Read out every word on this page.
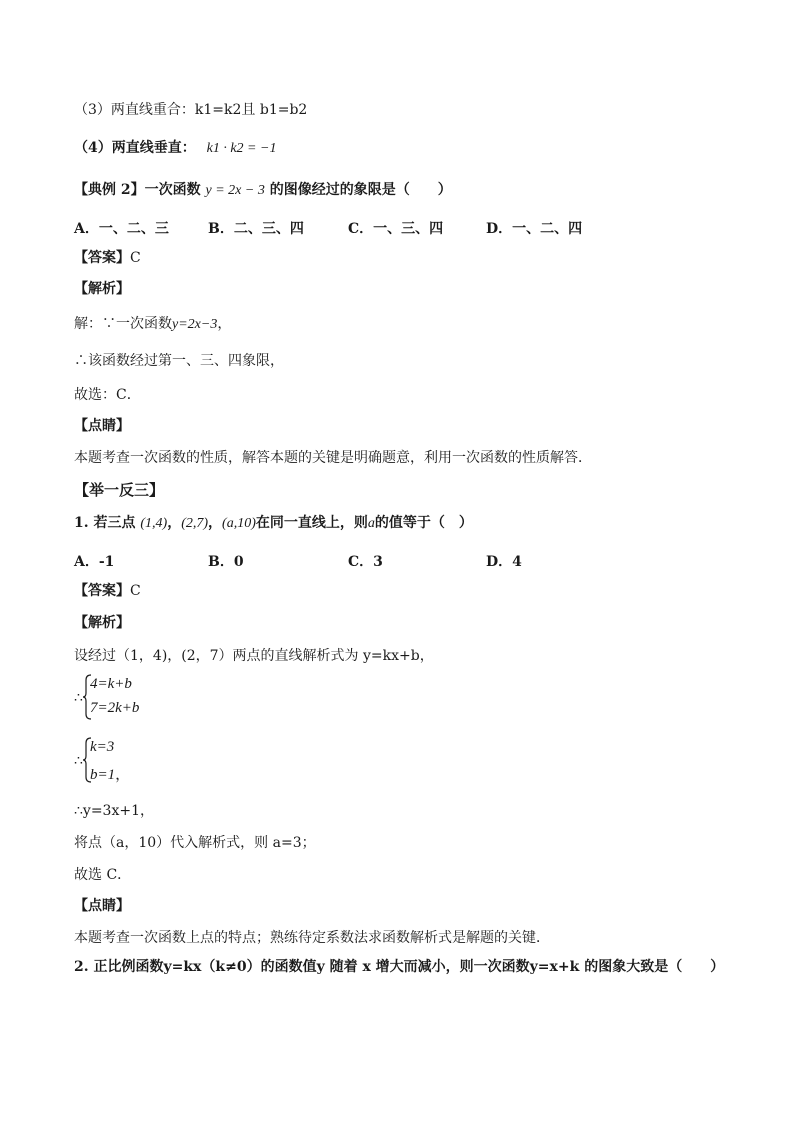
（3）两直线重合：k1=k2且 b1=b2
（4）两直线垂直： k1 · k2 = −1
【典例 2】一次函数 y = 2x − 3 的图像经过的象限是（　　）
A．一、二、三	B．二、三、四	C．一、三、四	D．一、二、四
【答案】C
【解析】
解：∵一次函数y=2x−3，
∴该函数经过第一、三、四象限，
故选：C．
【点睛】
本题考查一次函数的性质，解答本题的关键是明确题意，利用一次函数的性质解答．
【举一反三】
1. 若三点 (1,4)，(2,7)，(a,10)在同一直线上，则a的值等于（　）
A．-1	B．0	C．3	D．4
【答案】C
【解析】
设经过（1，4)，(2，7）两点的直线解析式为 y=kx+b，
∴
4=k+b
7=2k+b
∴
k=3
b=1，
∴y=3x+1，
将点（a，10）代入解析式，则 a=3；
故选 C．
【点睛】
本题考查一次函数上点的特点；熟练待定系数法求函数解析式是解题的关键．
2. 正比例函数y=kx（k≠0）的函数值y 随着 x 增大而减小，则一次函数y=x+k 的图象大致是（　　）
